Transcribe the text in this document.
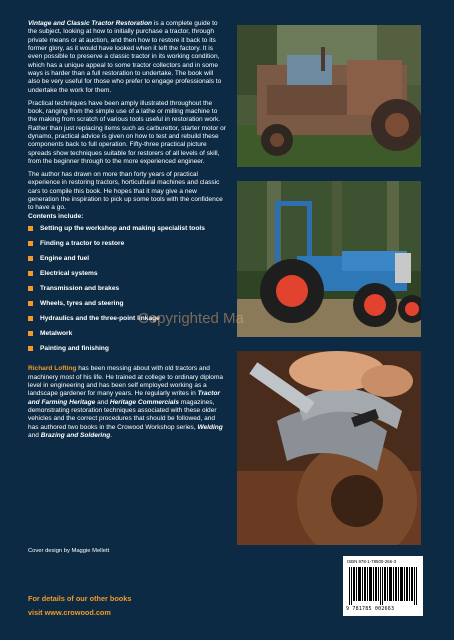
Vintage and Classic Tractor Restoration is a complete guide to the subject, looking at how to initially purchase a tractor, through private means or at auction, and then how to restore it back to its former glory, as it would have looked when it left the factory. It is even possible to preserve a classic tractor in its working condition, which has a unique appeal to some tractor collectors and in some ways is harder than a full restoration to undertake. The book will also be very useful for those who prefer to engage professionals to undertake the work for them.

Practical techniques have been amply illustrated throughout the book, ranging from the simple use of a lathe or milling machine to the making from scratch of various tools useful in restoration work. Rather than just replacing items such as carburettor, starter motor or dynamo, practical advice is given on how to test and rebuild these components back to full operation. Fifty-three practical picture spreads show techniques suitable for restorers of all levels of skill, from the beginner through to the more experienced engineer.

The author has drawn on more than forty years of practical experience in restoring tractors, horticultural machines and classic cars to compile this book. He hopes that it may give a new generation the inspiration to pick up some tools with the confidence to have a go.
Contents include:

Setting up the workshop and making specialist tools
Finding a tractor to restore
Engine and fuel
Electrical systems
Transmission and brakes
Wheels, tyres and steering
Hydraulics and the three-point linkage
Metalwork
Painting and finishing

Richard Lofting has been messing about with old tractors and machinery most of his life. He trained at college to ordinary diploma level in engineering and has been self employed working as a landscape gardener for many years. He regularly writes in Tractor and Farming Heritage and Heritage Commercials magazines, demonstrating restoration techniques associated with these older vehicles and the correct procedures that should be followed, and has authored two books in the Crowood Workshop series, Welding and Brazing and Soldering.

Cover design by Maggie Mellett
For details of our other books
visit www.crowood.com
ISBN 978-1-78500-266-3
9 781785 002663
Copyrighted Ma
